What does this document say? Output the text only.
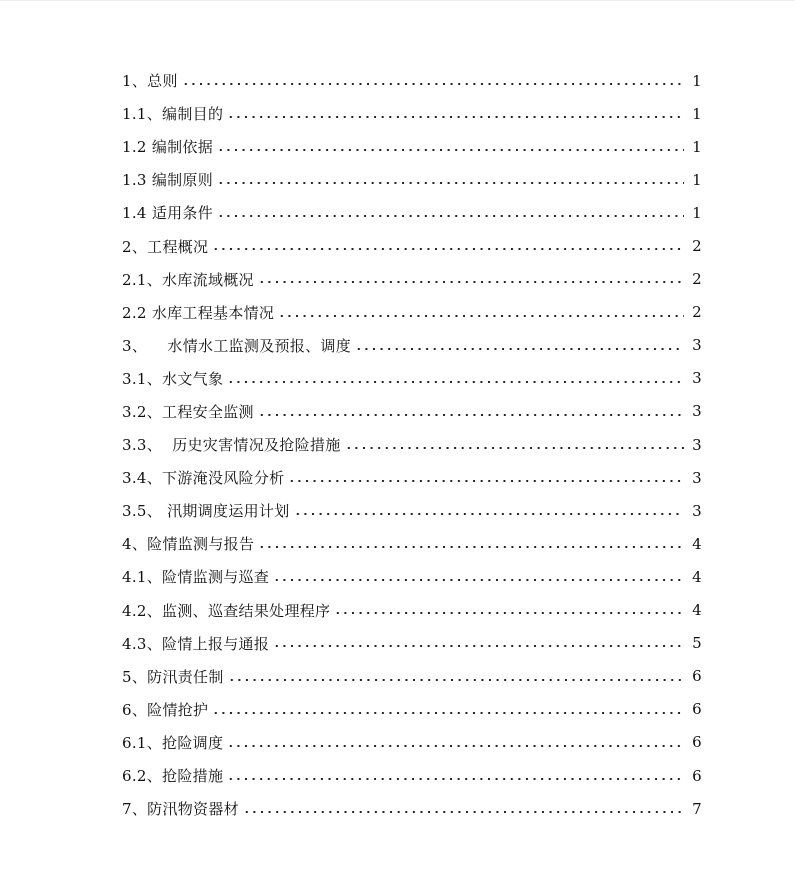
1、总则	1
1.1、编制目的	1
1.2 编制依据	1
1.3 编制原则	1
1.4 适用条件	1
2、工程概况	2
2.1、水库流域概况	2
2.2 水库工程基本情况	2
3、    水情水工监测及预报、调度	3
3.1、水文气象	3
3.2、工程安全监测	3
3.3、  历史灾害情况及抢险措施	3
3.4、下游淹没风险分析	3
3.5、 汛期调度运用计划	3
4、险情监测与报告	4
4.1、险情监测与巡查	4
4.2、监测、巡查结果处理程序	4
4.3、险情上报与通报	5
5、防汛责任制	6
6、险情抢护	6
6.1、抢险调度	6
6.2、抢险措施	6
7、防汛物资器材	7
